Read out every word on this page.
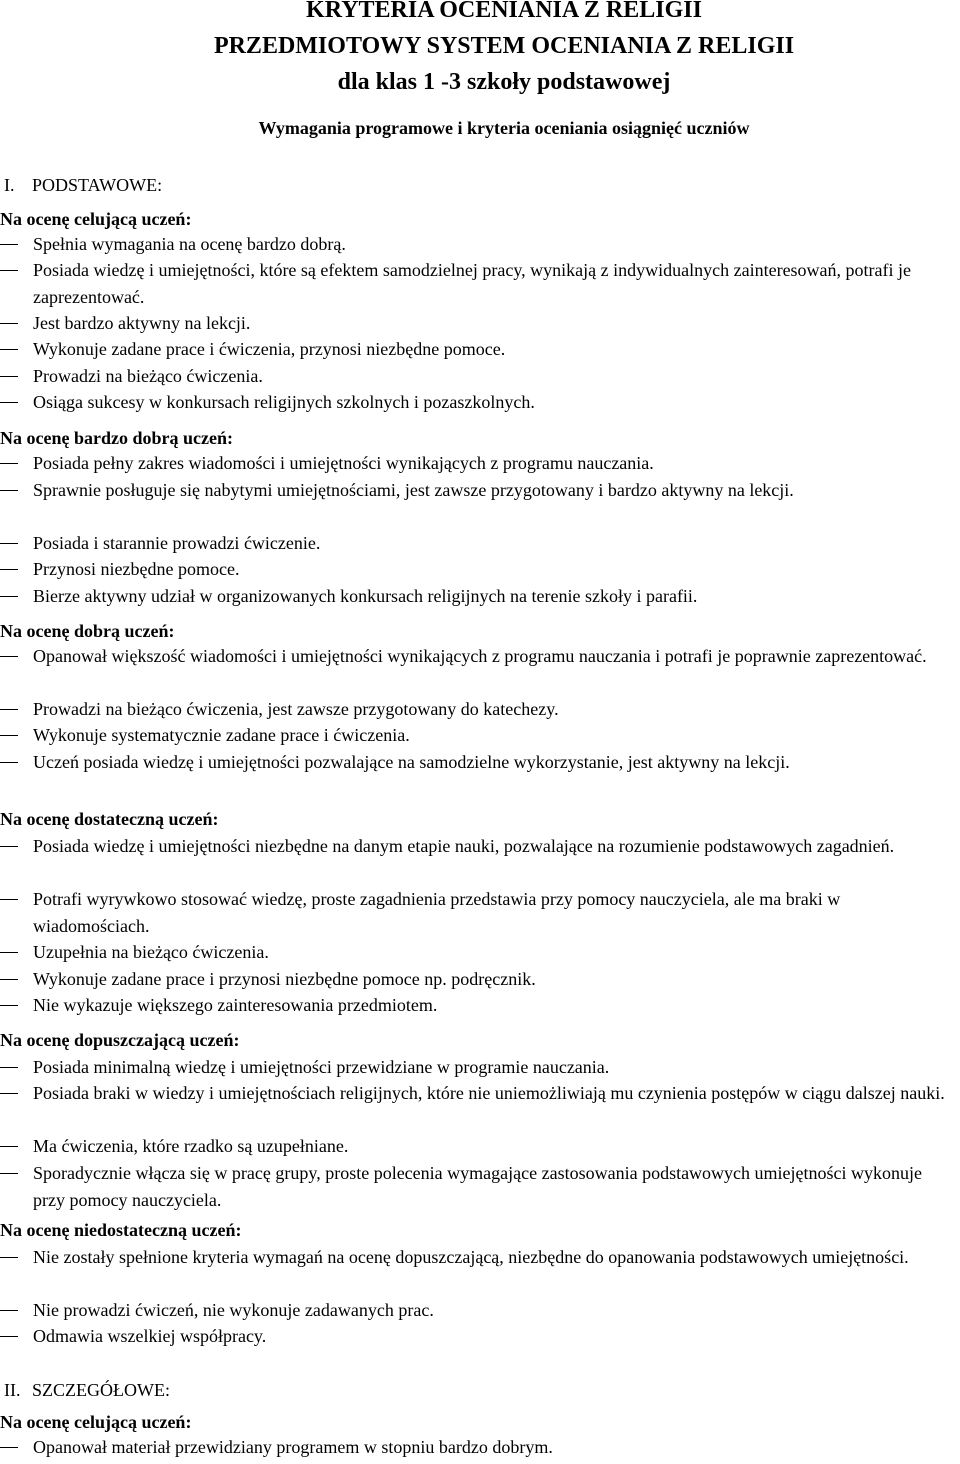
KRYTERIA OCENIANIA Z RELIGII
PRZEDMIOTOWY SYSTEM OCENIANIA Z RELIGII
dla klas 1 -3 szkoły podstawowej
Wymagania programowe i kryteria oceniania osiągnięć uczniów
I. PODSTAWOWE:
Na ocenę celującą uczeń:
Spełnia wymagania na ocenę bardzo dobrą.
Posiada wiedzę i umiejętności, które są efektem samodzielnej pracy, wynikają z indywidualnych zainteresowań, potrafi je zaprezentować.
Jest bardzo aktywny na lekcji.
Wykonuje zadane prace i ćwiczenia, przynosi niezbędne pomoce.
Prowadzi na bieżąco ćwiczenia.
Osiąga sukcesy w konkursach religijnych szkolnych i pozaszkolnych.
Na ocenę bardzo dobrą uczeń:
Posiada pełny zakres wiadomości i umiejętności wynikających z programu nauczania.
Sprawnie posługuje się nabytymi umiejętnościami, jest zawsze przygotowany i bardzo aktywny na lekcji.
Posiada i starannie prowadzi ćwiczenie.
Przynosi niezbędne pomoce.
Bierze aktywny udział w organizowanych konkursach religijnych na terenie szkoły i parafii.
Na ocenę dobrą uczeń:
Opanował większość wiadomości i umiejętności wynikających z programu nauczania i potrafi je poprawnie zaprezentować.
Prowadzi na bieżąco ćwiczenia, jest zawsze przygotowany do katechezy.
Wykonuje systematycznie zadane prace i ćwiczenia.
Uczeń posiada wiedzę i umiejętności pozwalające na samodzielne wykorzystanie, jest aktywny na lekcji.
Na ocenę dostateczną uczeń:
Posiada wiedzę i umiejętności niezbędne na danym etapie nauki, pozwalające na rozumienie podstawowych zagadnień.
Potrafi wyrywkowo stosować wiedzę, proste zagadnienia przedstawia przy pomocy nauczyciela, ale ma braki w wiadomościach.
Uzupełnia na bieżąco ćwiczenia.
Wykonuje zadane prace i przynosi niezbędne pomoce np. podręcznik.
Nie wykazuje większego zainteresowania przedmiotem.
Na ocenę dopuszczającą uczeń:
Posiada minimalną wiedzę i umiejętności przewidziane w programie nauczania.
Posiada braki w wiedzy i umiejętnościach religijnych, które nie uniemożliwiają mu czynienia postępów w ciągu dalszej nauki.
Ma ćwiczenia, które rzadko są uzupełniane.
Sporadycznie włącza się w pracę grupy, proste polecenia wymagające zastosowania podstawowych umiejętności wykonuje przy pomocy nauczyciela.
Na ocenę niedostateczną uczeń:
Nie zostały spełnione kryteria wymagań na ocenę dopuszczającą, niezbędne do opanowania podstawowych umiejętności.
Nie prowadzi ćwiczeń, nie wykonuje zadawanych prac.
Odmawia wszelkiej współpracy.
II. SZCZEGÓŁOWE:
Na ocenę celującą uczeń:
Opanował materiał przewidziany programem w stopniu bardzo dobrym.
